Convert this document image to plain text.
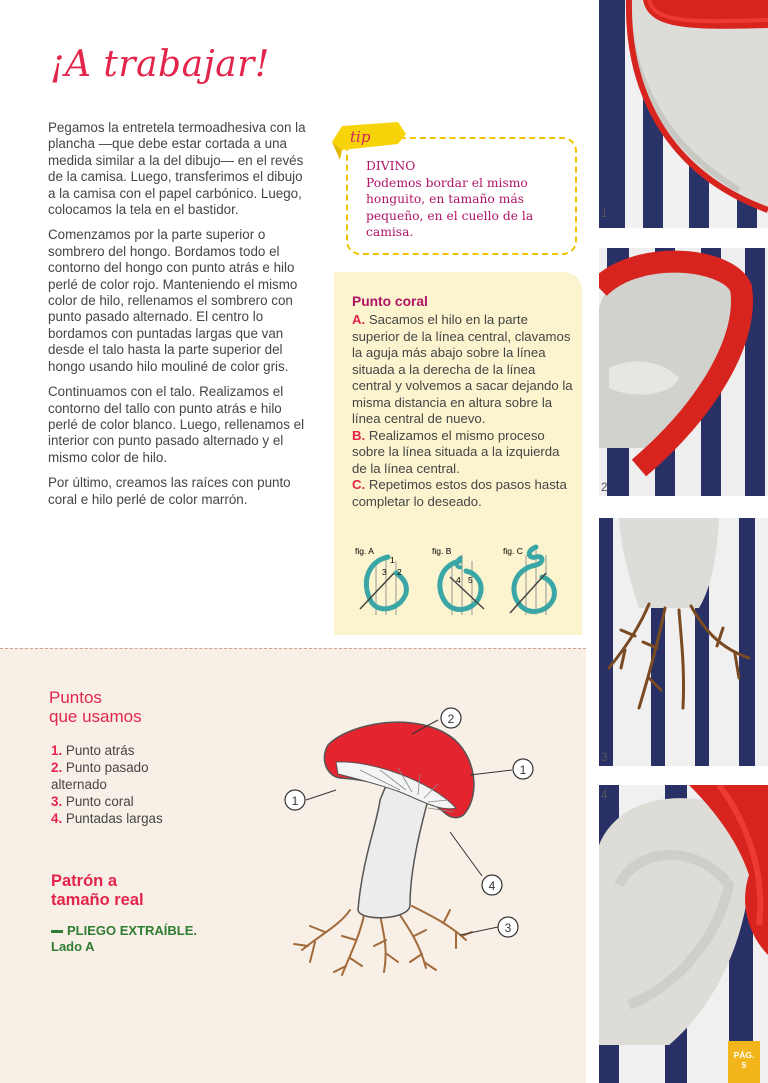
¡A trabajar!

Pegamos la entretela termoadhesiva con la plancha —que debe estar cortada a una medida similar a la del dibujo— en el revés de la camisa. Luego, transferimos el dibujo a la camisa con el papel carbónico. Luego, colocamos la tela en el bastidor.

Comenzamos por la parte superior o sombrero del hongo. Bordamos todo el contorno del hongo con punto atrás e hilo perlé de color rojo. Manteniendo el mismo color de hilo, rellenamos el sombrero con punto pasado alternado. El centro lo bordamos con puntadas largas que van desde el talo hasta la parte superior del hongo usando hilo mouliné de color gris.

Continuamos con el talo. Realizamos el contorno del tallo con punto atrás e hilo perlé de color blanco. Luego, rellenamos el interior con punto pasado alternado y el mismo color de hilo.

Por último, creamos las raíces con punto coral e hilo perlé de color marrón.

tip
DIVINO
Podemos bordar el mismo honguito, en tamaño más pequeño, en el cuello de la camisa.
Punto coral
A. Sacamos el hilo en la parte superior de la línea central, clavamos la aguja más abajo sobre la línea situada a la derecha de la línea central y volvemos a sacar dejando la misma distancia en altura sobre la línea central de nuevo.
B. Realizamos el mismo proceso sobre la línea situada a la izquierda de la línea central.
C. Repetimos estos dos pasos hasta completar lo deseado.
fig. A	fig. B	fig. C
3 2
1
4 5
Puntos
que usamos
1. Punto atrás
2. Punto pasado alternado
3. Punto coral
4. Puntadas largas
Patrón a
tamaño real
PLIEGO EXTRAÍBLE.
Lado A
2
1
1
4
3
1
2
3
4
PÁG.
5
